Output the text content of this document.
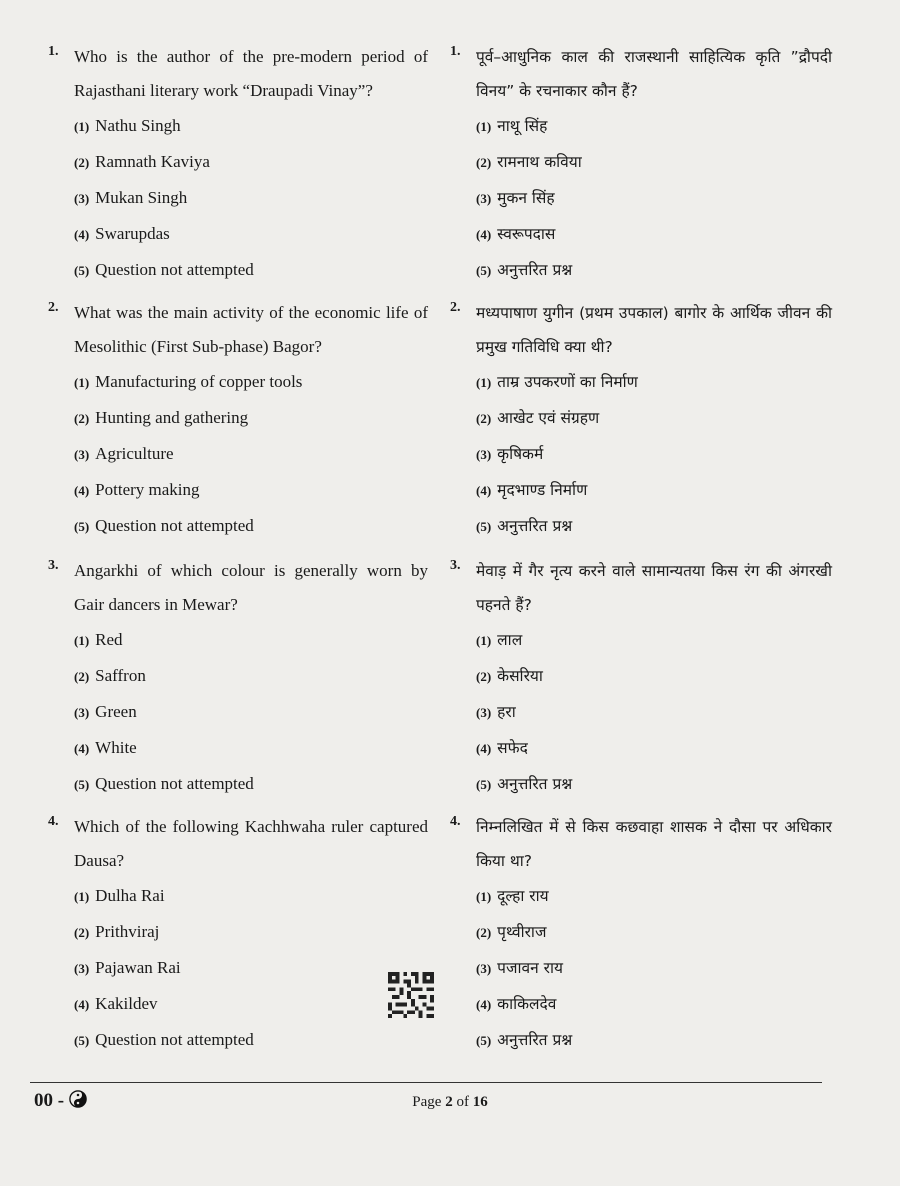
1. Who is the author of the pre-modern period of Rajasthani literary work “Draupadi Vinay”?
(1) Nathu Singh
(2) Ramnath Kaviya
(3) Mukan Singh
(4) Swarupdas
(5) Question not attempted
2. What was the main activity of the economic life of Mesolithic (First Sub-phase) Bagor?
(1) Manufacturing of copper tools
(2) Hunting and gathering
(3) Agriculture
(4) Pottery making
(5) Question not attempted
3. Angarkhi of which colour is generally worn by Gair dancers in Mewar?
(1) Red
(2) Saffron
(3) Green
(4) White
(5) Question not attempted
4. Which of the following Kachhwaha ruler captured Dausa?
(1) Dulha Rai
(2) Prithviraj
(3) Pajawan Rai
(4) Kakildev
(5) Question not attempted
1. पूर्व–आधुनिक काल की राजस्थानी साहित्यिक कृति ”द्रौपदी विनय” के रचनाकार कौन हैं?
(1) नाथू सिंह
(2) रामनाथ कविया
(3) मुकन सिंह
(4) स्वरूपदास
(5) अनुत्तरित प्रश्न
2. मध्यपाषाण युगीन (प्रथम उपकाल) बागोर के आर्थिक जीवन की प्रमुख गतिविधि क्या थी?
(1) ताम्र उपकरणों का निर्माण
(2) आखेट एवं संग्रहण
(3) कृषिकर्म
(4) मृदभाण्ड निर्माण
(5) अनुत्तरित प्रश्न
3. मेवाड़ में गैर नृत्य करने वाले सामान्यतया किस रंग की अंगरखी पहनते हैं?
(1) लाल
(2) केसरिया
(3) हरा
(4) सफेद
(5) अनुत्तरित प्रश्न
4. निम्नलिखित में से किस कछवाहा शासक ने दौसा पर अधिकार किया था?
(1) दूल्हा राय
(2) पृथ्वीराज
(3) पजावन राय
(4) काकिलदेव
(5) अनुत्तरित प्रश्न
00 -	Page 2 of 16
